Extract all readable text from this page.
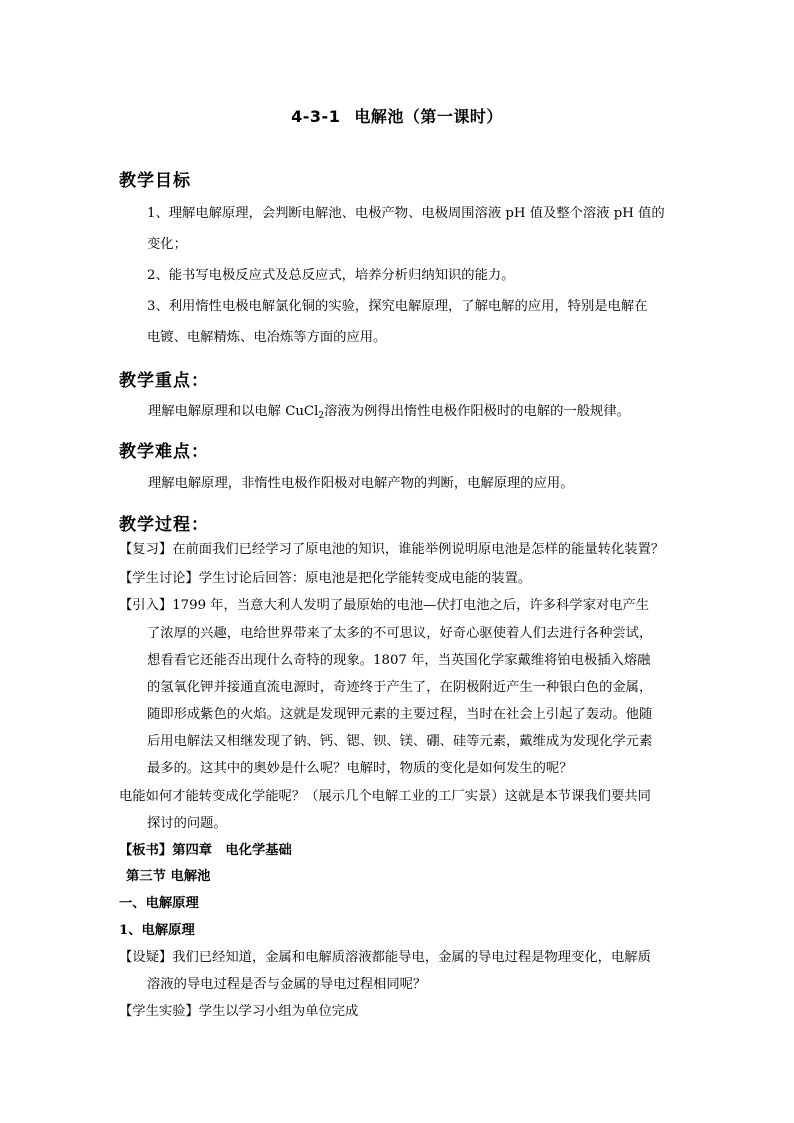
4-3-1 电解池（第一课时）
教学目标
1、理解电解原理，会判断电解池、电极产物、电极周围溶液 pH 值及整个溶液 pH 值的
变化；
2、能书写电极反应式及总反应式，培养分析归纳知识的能力。
3、利用惰性电极电解氯化铜的实验，探究电解原理，了解电解的应用，特别是电解在
电镀、电解精炼、电冶炼等方面的应用。
教学重点：
理解电解原理和以电解 CuCl$_2$溶液为例得出惰性电极作阳极时的电解的一般规律。
教学难点：
理解电解原理，非惰性电极作阳极对电解产物的判断，电解原理的应用。
教学过程：
【复习】在前面我们已经学习了原电池的知识，谁能举例说明原电池是怎样的能量转化装置？
【学生讨论】学生讨论后回答：原电池是把化学能转变成电能的装置。
【引入】1799 年，当意大利人发明了最原始的电池—伏打电池之后，许多科学家对电产生
了浓厚的兴趣，电给世界带来了太多的不可思议，好奇心驱使着人们去进行各种尝试，
想看看它还能否出现什么奇特的现象。1807 年，当英国化学家戴维将铂电极插入熔融
的氢氧化钾并接通直流电源时，奇迹终于产生了，在阴极附近产生一种银白色的金属，
随即形成紫色的火焰。这就是发现钾元素的主要过程，当时在社会上引起了轰动。他随
后用电解法又相继发现了钠、钙、锶、钡、镁、硼、硅等元素，戴维成为发现化学元素
最多的。这其中的奥妙是什么呢？电解时，物质的变化是如何发生的呢？
电能如何才能转变成化学能呢？（展示几个电解工业的工厂实景）这就是本节课我们要共同
探讨的问题。
【板书】第四章　电化学基础
第三节 电解池
一、电解原理
1、电解原理
【设疑】我们已经知道，金属和电解质溶液都能导电，金属的导电过程是物理变化，电解质
溶液的导电过程是否与金属的导电过程相同呢？
【学生实验】学生以学习小组为单位完成
